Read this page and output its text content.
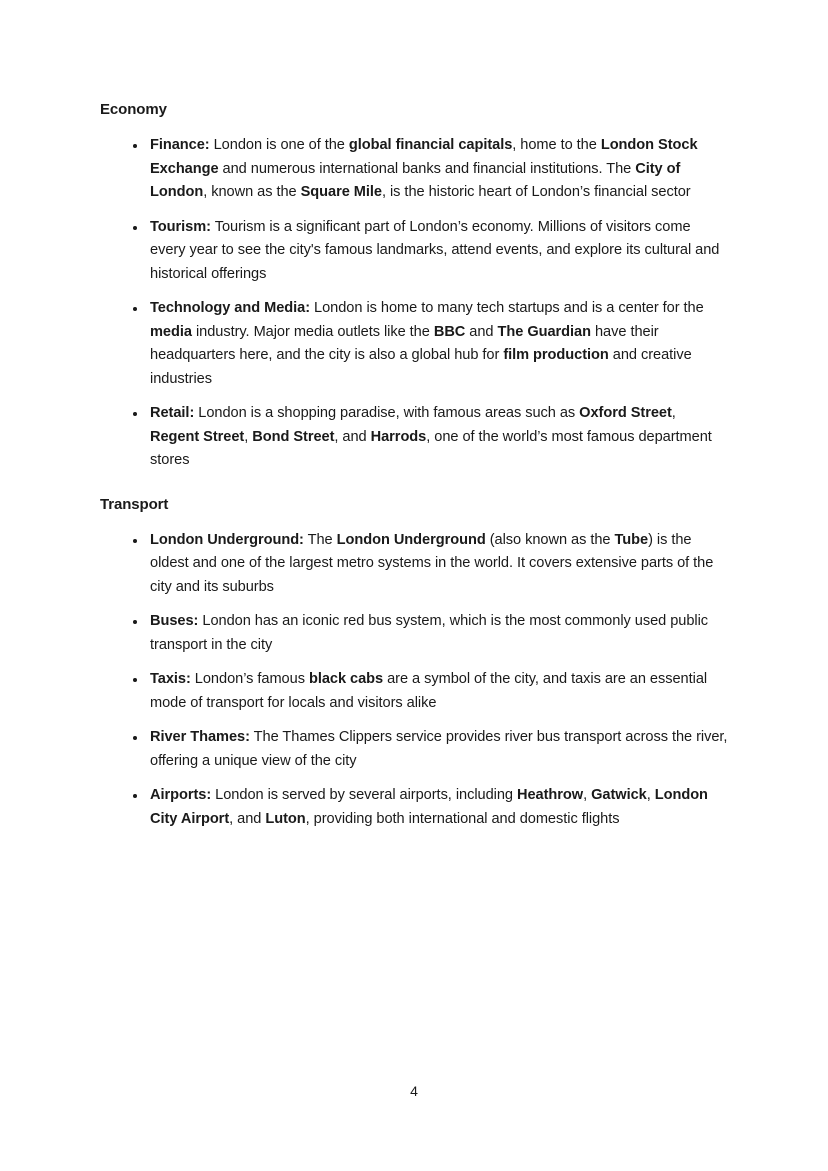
Economy
Finance: London is one of the global financial capitals, home to the London Stock Exchange and numerous international banks and financial institutions. The City of London, known as the Square Mile, is the historic heart of London’s financial sector
Tourism: Tourism is a significant part of London’s economy. Millions of visitors come every year to see the city's famous landmarks, attend events, and explore its cultural and historical offerings
Technology and Media: London is home to many tech startups and is a center for the media industry. Major media outlets like the BBC and The Guardian have their headquarters here, and the city is also a global hub for film production and creative industries
Retail: London is a shopping paradise, with famous areas such as Oxford Street, Regent Street, Bond Street, and Harrods, one of the world’s most famous department stores
Transport
London Underground: The London Underground (also known as the Tube) is the oldest and one of the largest metro systems in the world. It covers extensive parts of the city and its suburbs
Buses: London has an iconic red bus system, which is the most commonly used public transport in the city
Taxis: London’s famous black cabs are a symbol of the city, and taxis are an essential mode of transport for locals and visitors alike
River Thames: The Thames Clippers service provides river bus transport across the river, offering a unique view of the city
Airports: London is served by several airports, including Heathrow, Gatwick, London City Airport, and Luton, providing both international and domestic flights
4
